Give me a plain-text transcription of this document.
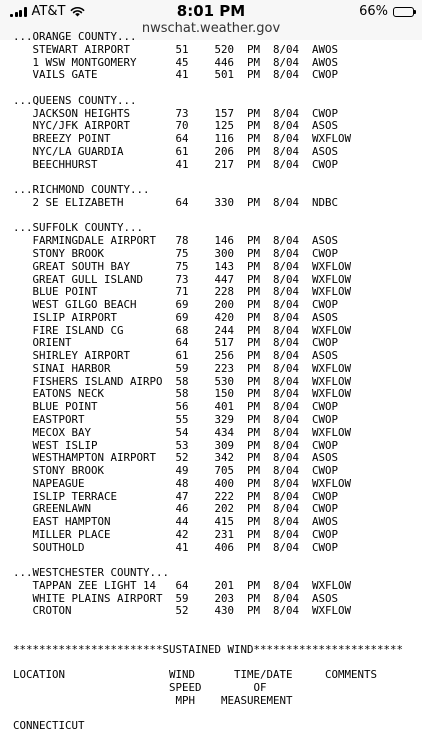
AT&T	8:01 PM	66%
nwschat.weather.gov
...ORANGE COUNTY...
STEWART AIRPORT       51    520  PM  8/04  AWOS
1 WSW MONTGOMERY      45    446  PM  8/04  AWOS
VAILS GATE            41    501  PM  8/04  CWOP
...QUEENS COUNTY...
JACKSON HEIGHTS       73    157  PM  8/04  CWOP
NYC/JFK AIRPORT       70    125  PM  8/04  ASOS
BREEZY POINT          64    116  PM  8/04  WXFLOW
NYC/LA GUARDIA        61    206  PM  8/04  ASOS
BEECHHURST            41    217  PM  8/04  CWOP
...RICHMOND COUNTY...
2 SE ELIZABETH        64    330  PM  8/04  NDBC
...SUFFOLK COUNTY...
FARMINGDALE AIRPORT   78    146  PM  8/04  ASOS
STONY BROOK           75    300  PM  8/04  CWOP
GREAT SOUTH BAY       75    143  PM  8/04  WXFLOW
GREAT GULL ISLAND     73    447  PM  8/04  WXFLOW
BLUE POINT            71    228  PM  8/04  WXFLOW
WEST GILGO BEACH      69    200  PM  8/04  CWOP
ISLIP AIRPORT         69    420  PM  8/04  ASOS
FIRE ISLAND CG        68    244  PM  8/04  WXFLOW
ORIENT                64    517  PM  8/04  CWOP
SHIRLEY AIRPORT       61    256  PM  8/04  ASOS
SINAI HARBOR          59    223  PM  8/04  WXFLOW
FISHERS ISLAND AIRPO  58    530  PM  8/04  WXFLOW
EATONS NECK           58    150  PM  8/04  WXFLOW
BLUE POINT            56    401  PM  8/04  CWOP
EASTPORT              55    329  PM  8/04  CWOP
MECOX BAY             54    434  PM  8/04  WXFLOW
WEST ISLIP            53    309  PM  8/04  CWOP
WESTHAMPTON AIRPORT   52    342  PM  8/04  ASOS
STONY BROOK           49    705  PM  8/04  CWOP
NAPEAGUE              48    400  PM  8/04  WXFLOW
ISLIP TERRACE         47    222  PM  8/04  CWOP
GREENLAWN             46    202  PM  8/04  CWOP
EAST HAMPTON          44    415  PM  8/04  AWOS
MILLER PLACE          42    231  PM  8/04  CWOP
SOUTHOLD              41    406  PM  8/04  CWOP
...WESTCHESTER COUNTY...
TAPPAN ZEE LIGHT 14   64    201  PM  8/04  WXFLOW
WHITE PLAINS AIRPORT  59    203  PM  8/04  ASOS
CROTON                52    430  PM  8/04  WXFLOW
***********************SUSTAINED WIND***********************
LOCATION                WIND      TIME/DATE     COMMENTS
SPEED        OF
MPH    MEASUREMENT
CONNECTICUT
